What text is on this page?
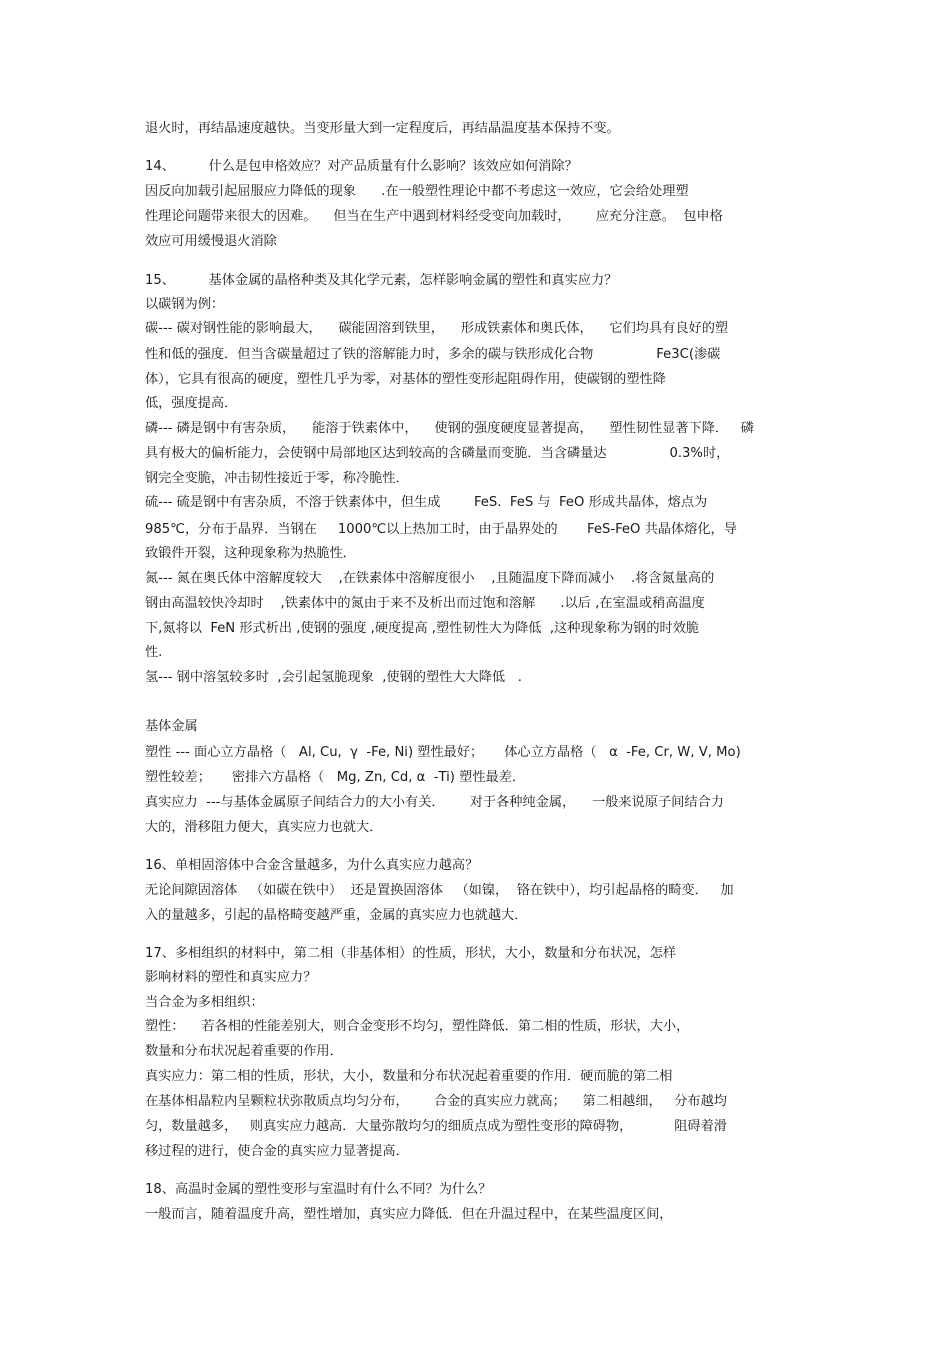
退火时，再结晶速度越快。当变形量大到一定程度后，再结晶温度基本保持不变。
14、        什么是包申格效应？对产品质量有什么影响？该效应如何消除？
因反向加载引起屈服应力降低的现象      .在一般塑性理论中都不考虑这一效应，它会给处理塑
性理论问题带来很大的因难。    但当在生产中遇到材料经受变向加载时，      应充分注意。  包申格
效应可用缓慢退火消除
15、        基体金属的晶格种类及其化学元素，怎样影响金属的塑性和真实应力？
以碳钢为例：
碳--- 碳对钢性能的影响最大，    碳能固溶到铁里，    形成铁素体和奥氏体，    它们均具有良好的塑
性和低的强度．但当含碳量超过了铁的溶解能力时，多余的碳与铁形成化合物               Fe3C(渗碳
体），它具有很高的硬度，塑性几乎为零，对基体的塑性变形起阻碍作用，使碳钢的塑性降
低，强度提高．
磷--- 磷是钢中有害杂质，    能溶于铁素体中，    使钢的强度硬度显著提高，    塑性韧性显著下降．   磷
具有极大的偏析能力，会使钢中局部地区达到较高的含磷量而变脆．当含磷量达               0.3%时，
钢完全变脆，冲击韧性接近于零，称冷脆性．
硫--- 硫是钢中有害杂质，不溶于铁素体中，但生成        FeS.  FeS 与  FeO 形成共晶体，熔点为
985℃，分布于晶界．当钢在     1000℃以上热加工时，由于晶界处的       FeS-FeO 共晶体熔化，导
致锻件开裂，这种现象称为热脆性．
氮--- 氮在奥氏体中溶解度较大    ,在铁素体中溶解度很小    ,且随温度下降而减小    .将含氮量高的
钢由高温较快冷却时    ,铁素体中的氮由于来不及析出而过饱和溶解      .以后 ,在室温或稍高温度
下,氮将以  FeN 形式析出 ,使钢的强度 ,硬度提高 ,塑性韧性大为降低  ,这种现象称为钢的时效脆
性.
氢--- 钢中溶氢较多时  ,会引起氢脆现象  ,使钢的塑性大大降低   .
基体金属
塑性 --- 面心立方晶格（   Al, Cu,  γ  -Fe, Ni) 塑性最好；     体心立方晶格（   α  -Fe, Cr, W, V, Mo)
塑性较差；     密排六方晶格（   Mg, Zn, Cd, α  -Ti) 塑性最差．
真实应力  ---与基体金属原子间结合力的大小有关．      对于各种纯金属，    一般来说原子间结合力
大的，滑移阻力便大，真实应力也就大．
16、单相固溶体中合金含量越多，为什么真实应力越高？
无论间隙固溶体   （如碳在铁中）  还是置换固溶体   （如镍，  铬在铁中），均引起晶格的畸变．   加
入的量越多，引起的晶格畸变越严重，金属的真实应力也就越大．
17、多相组织的材料中，第二相（非基体相）的性质，形状，大小，数量和分布状况，怎样
影响材料的塑性和真实应力？
当合金为多相组织：
塑性：    若各相的性能差别大，则合金变形不均匀，塑性降低．第二相的性质，形状，大小，
数量和分布状况起着重要的作用．
真实应力：第二相的性质，形状，大小，数量和分布状况起着重要的作用．硬而脆的第二相
在基体相晶粒内呈颗粒状弥散质点均匀分布，      合金的真实应力就高；    第二相越细，   分布越均
匀，数量越多，   则真实应力越高．大量弥散均匀的细质点成为塑性变形的障碍物，          阻碍着滑
移过程的进行，使合金的真实应力显著提高．
18、高温时金属的塑性变形与室温时有什么不同？为什么？
一般而言，随着温度升高，塑性增加，真实应力降低．但在升温过程中，在某些温度区间，
